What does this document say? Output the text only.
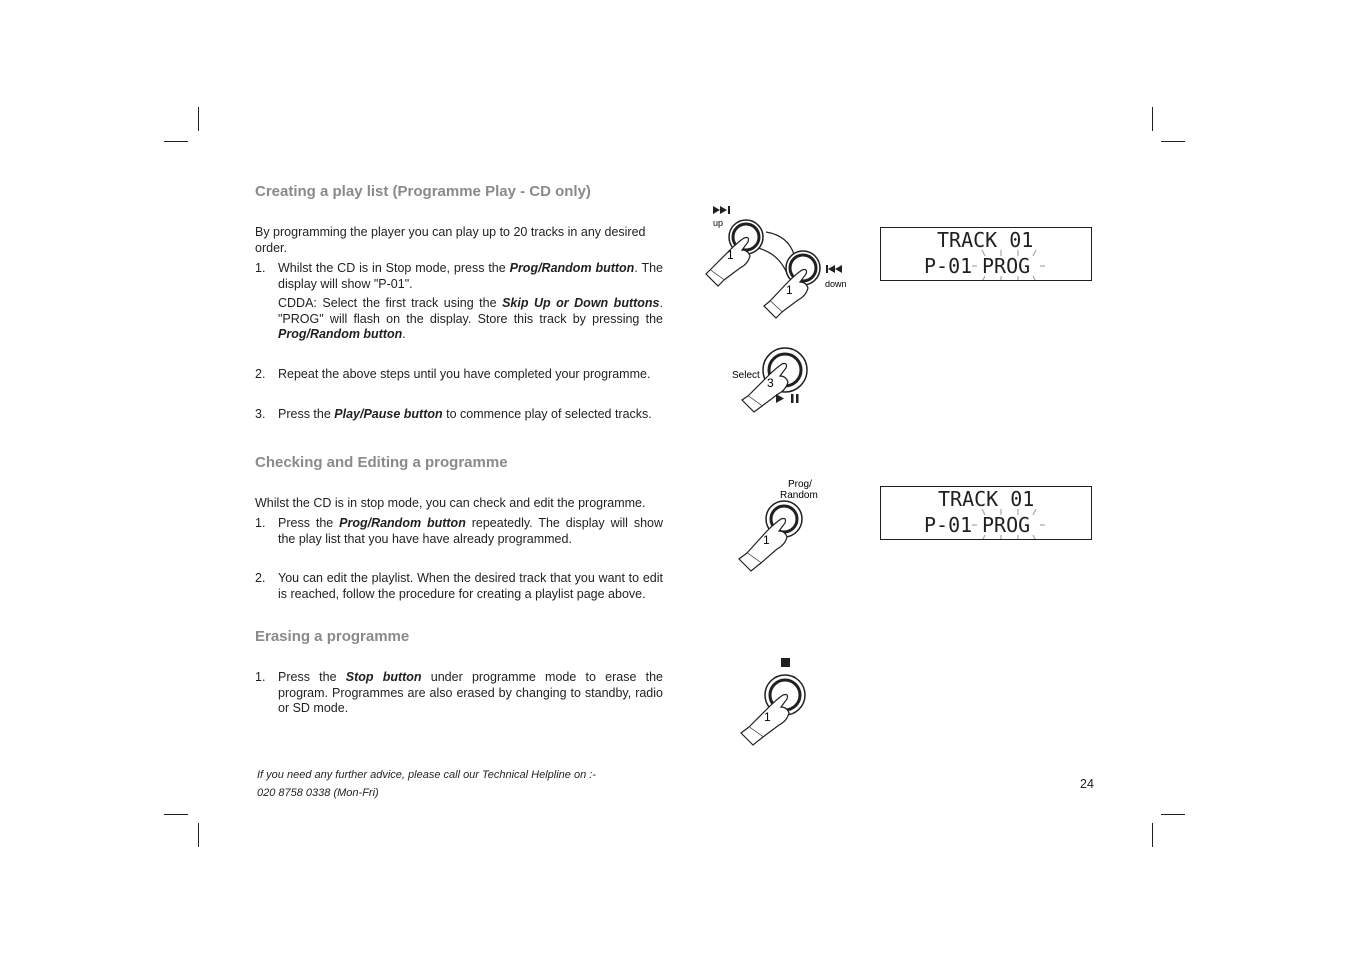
Creating a play list (Programme Play - CD only)

By programming the player you can play up to 20 tracks in any desired order.

1. Whilst the CD is in Stop mode, press the Prog/Random button. The display will show "P-01".
CDDA: Select the first track using the Skip Up or Down buttons. "PROG" will flash on the display. Store this track by pressing the Prog/Random button.
2. Repeat the above steps until you have completed your programme.
3. Press the Play/Pause button to commence play of selected tracks.
Checking and Editing a programme

Whilst the CD is in stop mode, you can check and edit the programme.

1. Press the Prog/Random button repeatedly. The display will show the play list that you have have already programmed.
2. You can edit the playlist. When the desired track that you want to edit is reached, follow the procedure for creating a playlist page above.
Erasing a programme
1. Press the Stop button under programme mode to erase the program. Programmes are also erased by changing to standby, radio or SD mode.
If you need any further advice, please call our Technical Helpline on :-
020 8758 0338 (Mon-Fri)
24
up
1
1	down
Select
3
Prog/
Random
1
1
TRACK 01
P-01 PROG
TRACK 01
P-01 PROG
